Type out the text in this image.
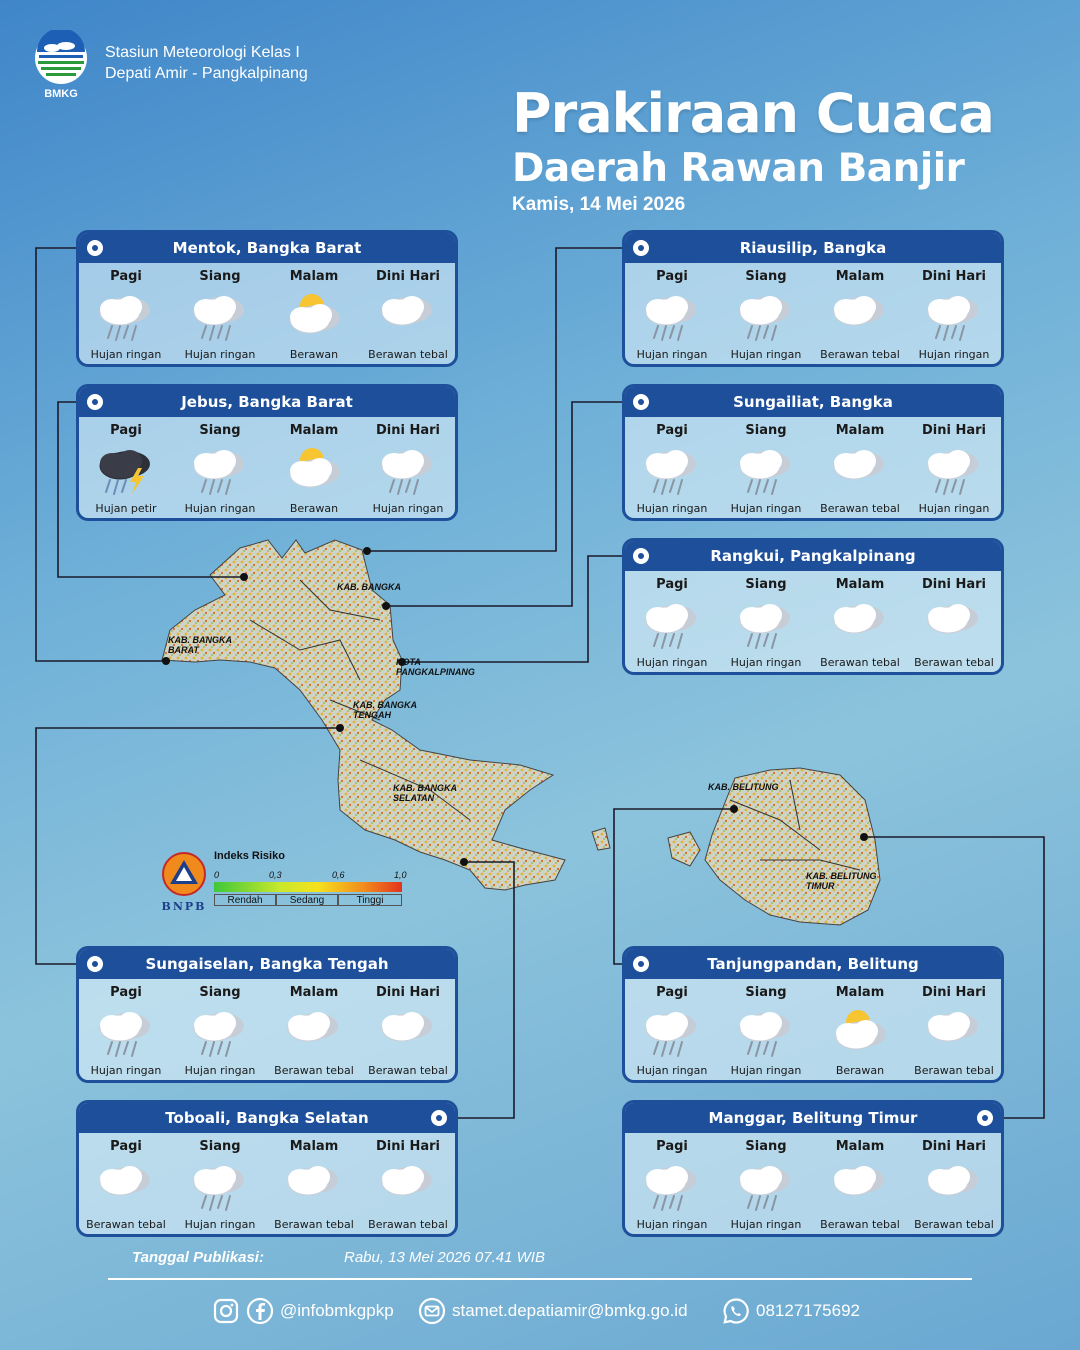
BMKG
Stasiun Meteorologi Kelas I
Depati Amir - Pangkalpinang
Prakiraan Cuaca
Daerah Rawan Banjir
Kamis, 14 Mei 2026
KAB. BANGKA
KAB. BANGKA
BARAT
KOTA
PANGKALPINANG
KAB. BANGKA
TENGAH
KAB. BANGKA
SELATAN
KAB. BELITUNG
KAB. BELITUNG
TIMUR
BNPB
Indeks Risiko
0	0,3	0,6	1,0
Rendah	Sedang	Tinggi
Mentok, Bangka Barat
Pagi
Hujan ringan
Siang
Hujan ringan
Malam
Berawan
Dini Hari
Berawan tebal
Jebus, Bangka Barat
Pagi
Hujan petir
Siang
Hujan ringan
Malam
Berawan
Dini Hari
Hujan ringan
Riausilip, Bangka
Pagi
Hujan ringan
Siang
Hujan ringan
Malam
Berawan tebal
Dini Hari
Hujan ringan
Sungailiat, Bangka
Pagi
Hujan ringan
Siang
Hujan ringan
Malam
Berawan tebal
Dini Hari
Hujan ringan
Rangkui, Pangkalpinang
Pagi
Hujan ringan
Siang
Hujan ringan
Malam
Berawan tebal
Dini Hari
Berawan tebal
Sungaiselan, Bangka Tengah
Pagi
Hujan ringan
Siang
Hujan ringan
Malam
Berawan tebal
Dini Hari
Berawan tebal
Toboali, Bangka Selatan
Pagi
Berawan tebal
Siang
Hujan ringan
Malam
Berawan tebal
Dini Hari
Berawan tebal
Tanjungpandan, Belitung
Pagi
Hujan ringan
Siang
Hujan ringan
Malam
Berawan
Dini Hari
Berawan tebal
Manggar, Belitung Timur
Pagi
Hujan ringan
Siang
Hujan ringan
Malam
Berawan tebal
Dini Hari
Berawan tebal
Tanggal Publikasi:	Rabu, 13 Mei 2026 07.41 WIB
@infobmkgpkp	stamet.depatiamir@bmkg.go.id	08127175692
